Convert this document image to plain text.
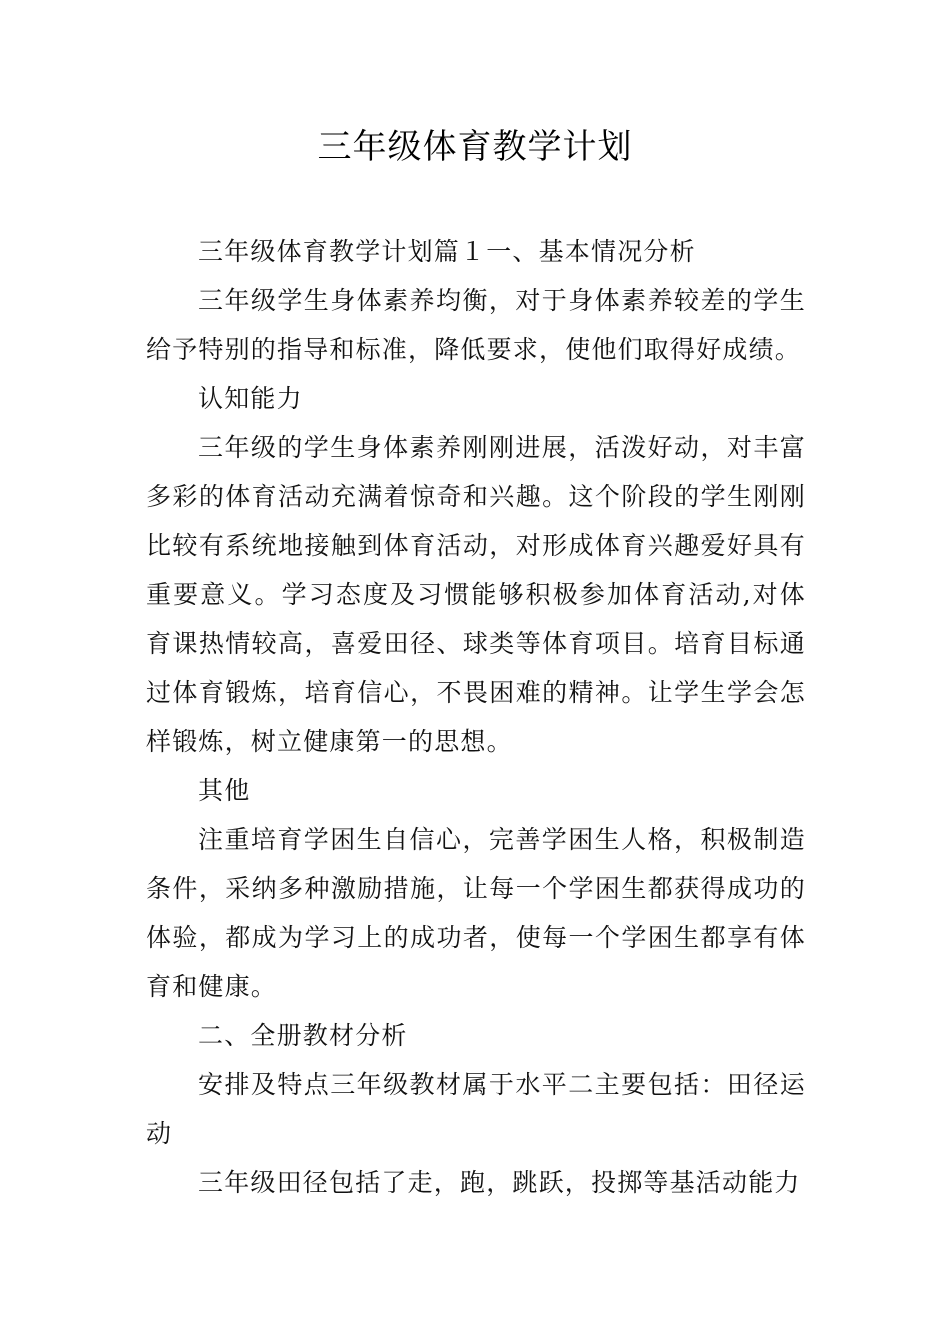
三年级体育教学计划

三年级体育教学计划篇１一、基本情况分析

三年级学生身体素养均衡，对于身体素养较差的学生给予特别的指导和标准，降低要求，使他们取得好成绩。

认知能力

三年级的学生身体素养刚刚进展，活泼好动，对丰富多彩的体育活动充满着惊奇和兴趣。这个阶段的学生刚刚比较有系统地接触到体育活动，对形成体育兴趣爱好具有重要意义。学习态度及习惯能够积极参加体育活动,对体育课热情较高，喜爱田径、球类等体育项目。培育目标通过体育锻炼，培育信心，不畏困难的精神。让学生学会怎样锻炼，树立健康第一的思想。

其他

注重培育学困生自信心，完善学困生人格，积极制造条件，采纳多种激励措施，让每一个学困生都获得成功的体验，都成为学习上的成功者，使每一个学困生都享有体育和健康。

二、全册教材分析

安排及特点三年级教材属于水平二主要包括：田径运动

三年级田径包括了走，跑，跳跃，投掷等基活动能力
